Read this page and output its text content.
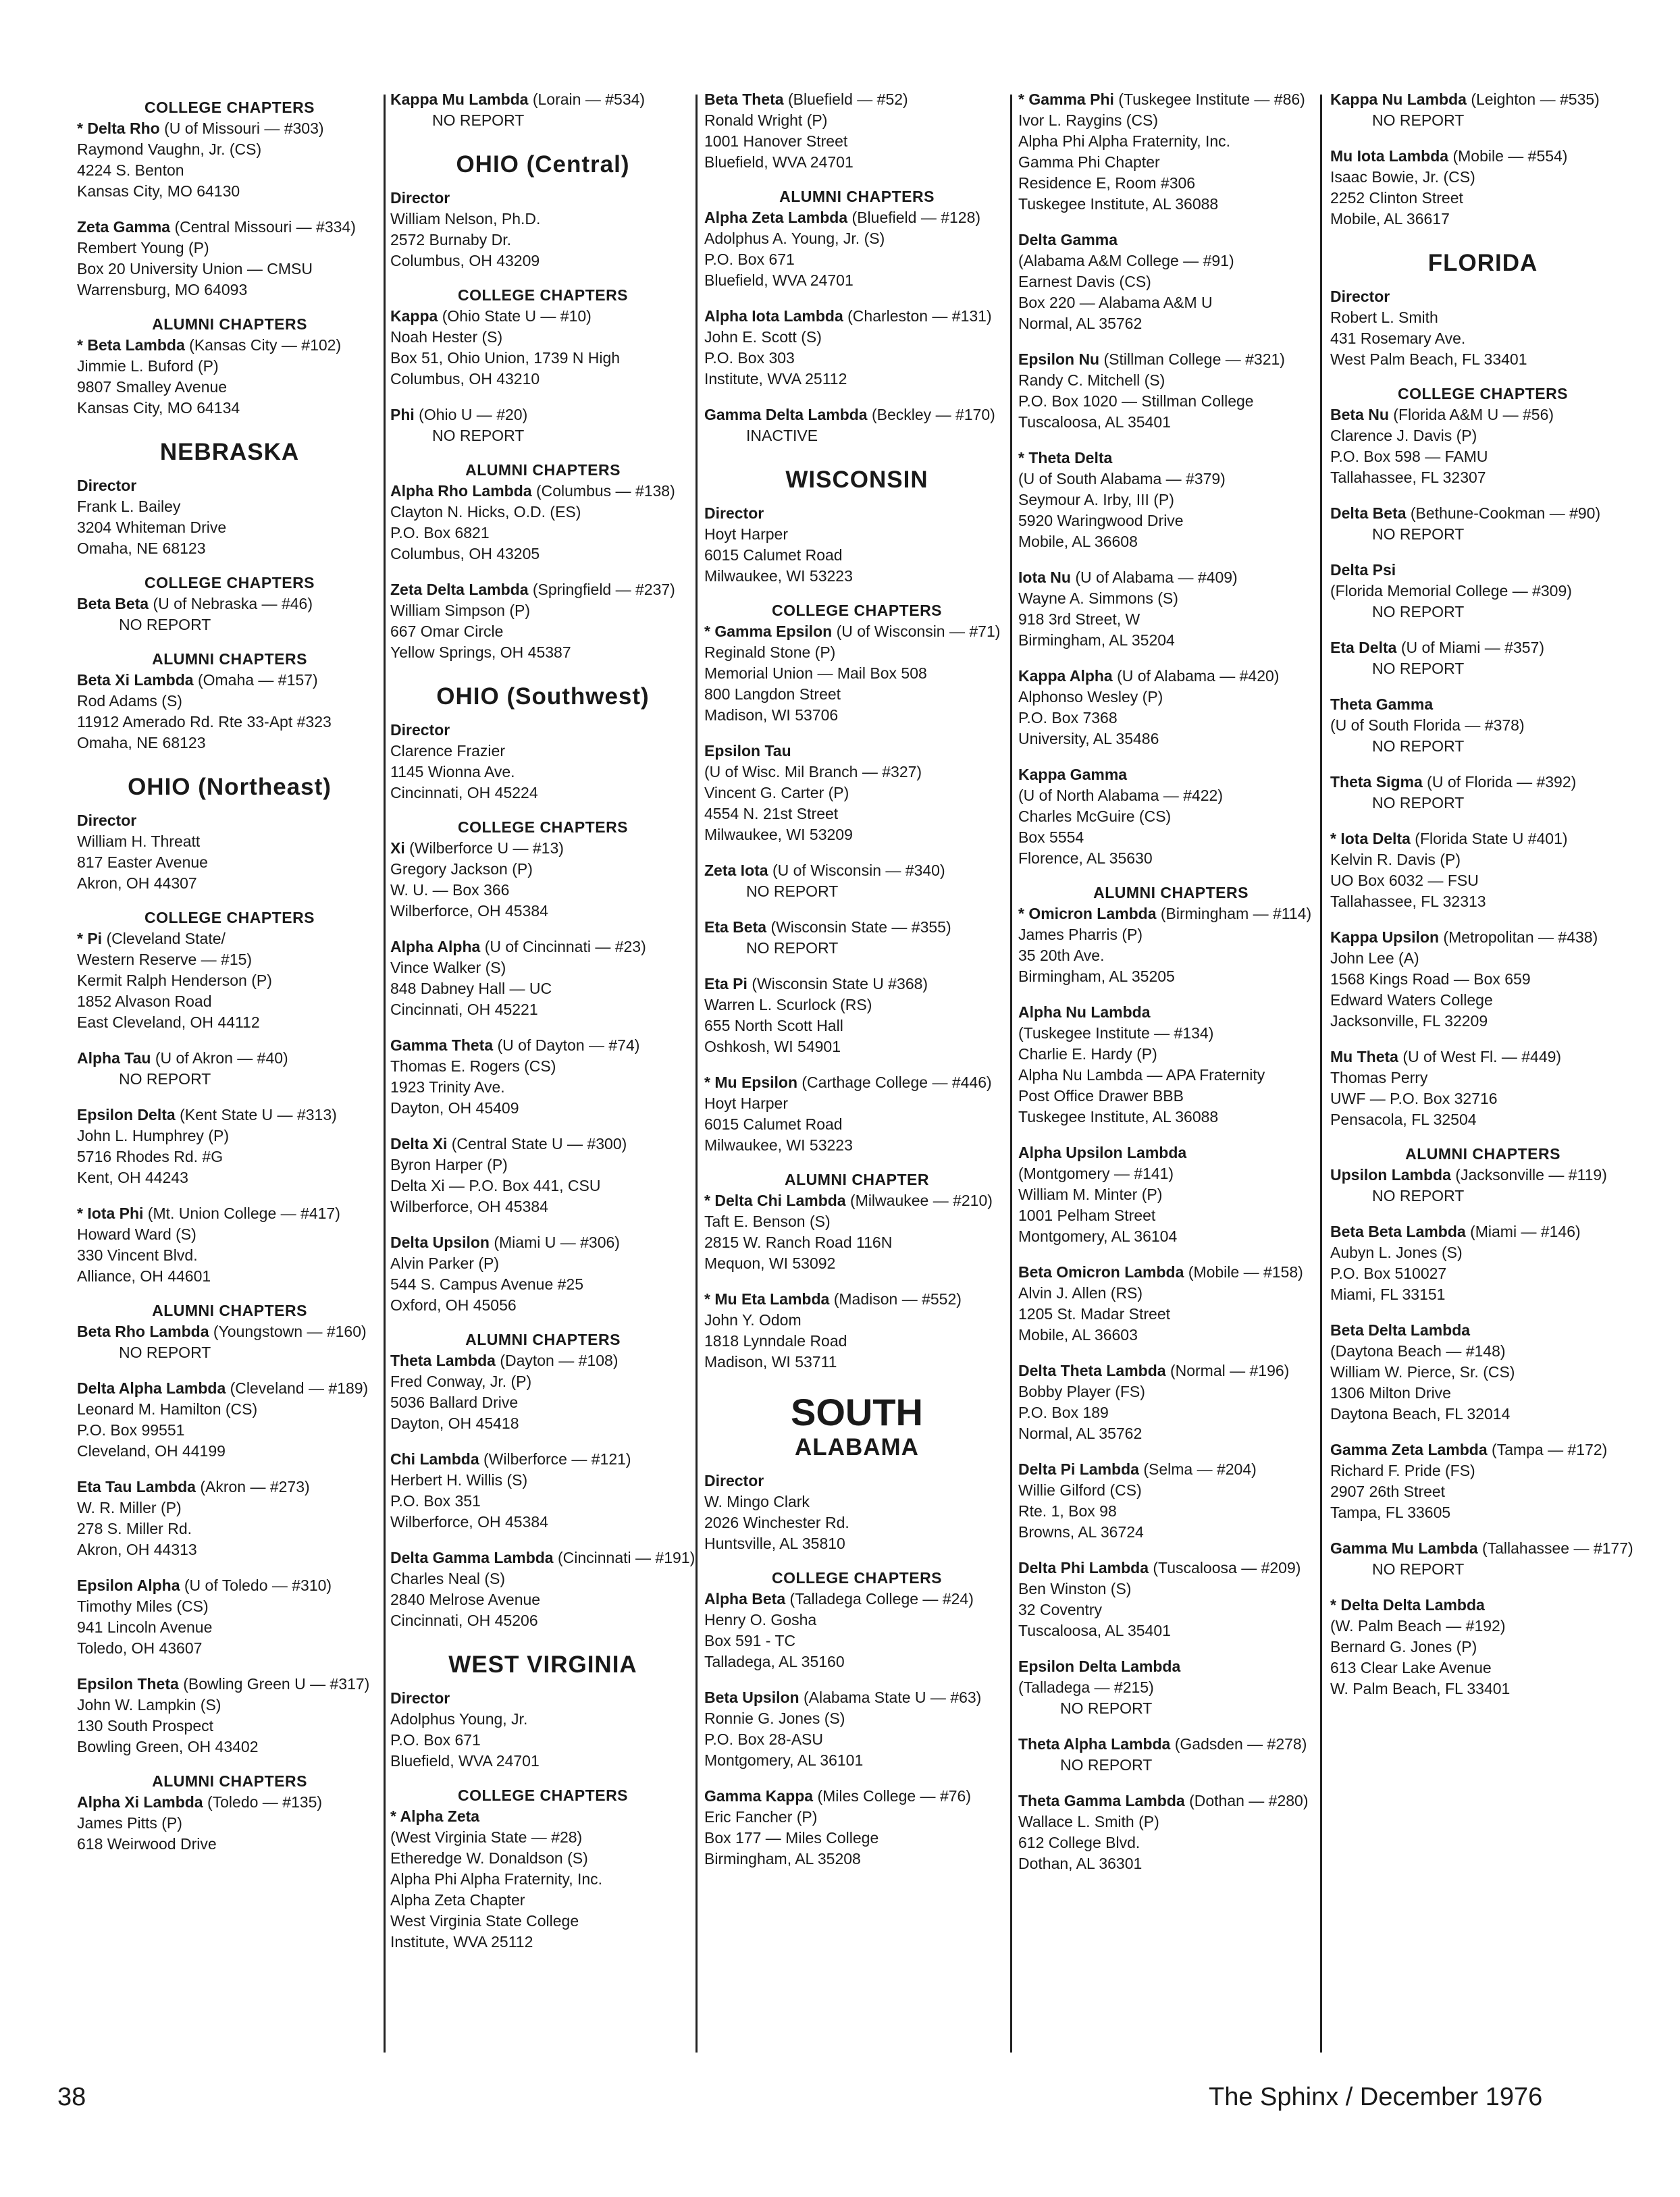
COLLEGE CHAPTERS
* Delta Rho (U of Missouri — #303)
Raymond Vaughn, Jr. (CS)
4224 S. Benton
Kansas City, MO 64130
Zeta Gamma (Central Missouri — #334)
Rembert Young (P)
Box 20 University Union — CMSU
Warrensburg, MO 64093
ALUMNI CHAPTERS
* Beta Lambda (Kansas City — #102)
Jimmie L. Buford (P)
9807 Smalley Avenue
Kansas City, MO 64134
NEBRASKA
Director
Frank L. Bailey
3204 Whiteman Drive
Omaha, NE 68123
COLLEGE CHAPTERS
Beta Beta (U of Nebraska — #46)
NO REPORT
ALUMNI CHAPTERS
Beta Xi Lambda (Omaha — #157)
Rod Adams (S)
11912 Amerado Rd. Rte 33-Apt #323
Omaha, NE 68123
OHIO (Northeast)
Director
William H. Threatt
817 Easter Avenue
Akron, OH 44307
COLLEGE CHAPTERS
* Pi (Cleveland State/
Western Reserve — #15)
Kermit Ralph Henderson (P)
1852 Alvason Road
East Cleveland, OH 44112
Alpha Tau (U of Akron — #40)
NO REPORT
Epsilon Delta (Kent State U — #313)
John L. Humphrey (P)
5716 Rhodes Rd. #G
Kent, OH 44243
* Iota Phi (Mt. Union College — #417)
Howard Ward (S)
330 Vincent Blvd.
Alliance, OH 44601
ALUMNI CHAPTERS
Beta Rho Lambda (Youngstown — #160)
NO REPORT
Delta Alpha Lambda (Cleveland — #189)
Leonard M. Hamilton (CS)
P.O. Box 99551
Cleveland, OH 44199
Eta Tau Lambda (Akron — #273)
W. R. Miller (P)
278 S. Miller Rd.
Akron, OH 44313
Epsilon Alpha (U of Toledo — #310)
Timothy Miles (CS)
941 Lincoln Avenue
Toledo, OH 43607
Epsilon Theta (Bowling Green U — #317)
John W. Lampkin (S)
130 South Prospect
Bowling Green, OH 43402
ALUMNI CHAPTERS
Alpha Xi Lambda (Toledo — #135)
James Pitts (P)
618 Weirwood Drive
Kappa Mu Lambda (Lorain — #534)
NO REPORT
OHIO (Central)
Director
William Nelson, Ph.D.
2572 Burnaby Dr.
Columbus, OH 43209
COLLEGE CHAPTERS
Kappa (Ohio State U — #10)
Noah Hester (S)
Box 51, Ohio Union, 1739 N High
Columbus, OH 43210
Phi (Ohio U — #20)
NO REPORT
ALUMNI CHAPTERS
Alpha Rho Lambda (Columbus — #138)
Clayton N. Hicks, O.D. (ES)
P.O. Box 6821
Columbus, OH 43205
Zeta Delta Lambda (Springfield — #237)
William Simpson (P)
667 Omar Circle
Yellow Springs, OH 45387
OHIO (Southwest)
Director
Clarence Frazier
1145 Wionna Ave.
Cincinnati, OH 45224
COLLEGE CHAPTERS
Xi (Wilberforce U — #13)
Gregory Jackson (P)
W. U. — Box 366
Wilberforce, OH 45384
Alpha Alpha (U of Cincinnati — #23)
Vince Walker (S)
848 Dabney Hall — UC
Cincinnati, OH 45221
Gamma Theta (U of Dayton — #74)
Thomas E. Rogers (CS)
1923 Trinity Ave.
Dayton, OH 45409
Delta Xi (Central State U — #300)
Byron Harper (P)
Delta Xi — P.O. Box 441, CSU
Wilberforce, OH 45384
Delta Upsilon (Miami U — #306)
Alvin Parker (P)
544 S. Campus Avenue #25
Oxford, OH 45056
ALUMNI CHAPTERS
Theta Lambda (Dayton — #108)
Fred Conway, Jr. (P)
5036 Ballard Drive
Dayton, OH 45418
Chi Lambda (Wilberforce — #121)
Herbert H. Willis (S)
P.O. Box 351
Wilberforce, OH 45384
Delta Gamma Lambda (Cincinnati — #191)
Charles Neal (S)
2840 Melrose Avenue
Cincinnati, OH 45206
WEST VIRGINIA
Director
Adolphus Young, Jr.
P.O. Box 671
Bluefield, WVA 24701
COLLEGE CHAPTERS
* Alpha Zeta
(West Virginia State — #28)
Etheredge W. Donaldson (S)
Alpha Phi Alpha Fraternity, Inc.
Alpha Zeta Chapter
West Virginia State College
Institute, WVA 25112
Beta Theta (Bluefield — #52)
Ronald Wright (P)
1001 Hanover Street
Bluefield, WVA 24701
ALUMNI CHAPTERS
Alpha Zeta Lambda (Bluefield — #128)
Adolphus A. Young, Jr. (S)
P.O. Box 671
Bluefield, WVA 24701
Alpha Iota Lambda (Charleston — #131)
John E. Scott (S)
P.O. Box 303
Institute, WVA 25112
Gamma Delta Lambda (Beckley — #170)
INACTIVE
WISCONSIN
Director
Hoyt Harper
6015 Calumet Road
Milwaukee, WI 53223
COLLEGE CHAPTERS
* Gamma Epsilon (U of Wisconsin — #71)
Reginald Stone (P)
Memorial Union — Mail Box 508
800 Langdon Street
Madison, WI 53706
Epsilon Tau
(U of Wisc. Mil Branch — #327)
Vincent G. Carter (P)
4554 N. 21st Street
Milwaukee, WI 53209
Zeta Iota (U of Wisconsin — #340)
NO REPORT
Eta Beta (Wisconsin State — #355)
NO REPORT
Eta Pi (Wisconsin State U #368)
Warren L. Scurlock (RS)
655 North Scott Hall
Oshkosh, WI 54901
* Mu Epsilon (Carthage College — #446)
Hoyt Harper
6015 Calumet Road
Milwaukee, WI 53223
ALUMNI CHAPTER
* Delta Chi Lambda (Milwaukee — #210)
Taft E. Benson (S)
2815 W. Ranch Road 116N
Mequon, WI 53092
* Mu Eta Lambda (Madison — #552)
John Y. Odom
1818 Lynndale Road
Madison, WI 53711
SOUTH
ALABAMA
Director
W. Mingo Clark
2026 Winchester Rd.
Huntsville, AL 35810
COLLEGE CHAPTERS
Alpha Beta (Talladega College — #24)
Henry O. Gosha
Box 591 - TC
Talladega, AL 35160
Beta Upsilon (Alabama State U — #63)
Ronnie G. Jones (S)
P.O. Box 28-ASU
Montgomery, AL 36101
Gamma Kappa (Miles College — #76)
Eric Fancher (P)
Box 177 — Miles College
Birmingham, AL 35208
* Gamma Phi (Tuskegee Institute — #86)
Ivor L. Raygins (CS)
Alpha Phi Alpha Fraternity, Inc.
Gamma Phi Chapter
Residence E, Room #306
Tuskegee Institute, AL 36088
Delta Gamma
(Alabama A&M College — #91)
Earnest Davis (CS)
Box 220 — Alabama A&M U
Normal, AL 35762
Epsilon Nu (Stillman College — #321)
Randy C. Mitchell (S)
P.O. Box 1020 — Stillman College
Tuscaloosa, AL 35401
* Theta Delta
(U of South Alabama — #379)
Seymour A. Irby, III (P)
5920 Waringwood Drive
Mobile, AL 36608
Iota Nu (U of Alabama — #409)
Wayne A. Simmons (S)
918 3rd Street, W
Birmingham, AL 35204
Kappa Alpha (U of Alabama — #420)
Alphonso Wesley (P)
P.O. Box 7368
University, AL 35486
Kappa Gamma
(U of North Alabama — #422)
Charles McGuire (CS)
Box 5554
Florence, AL 35630
ALUMNI CHAPTERS
* Omicron Lambda (Birmingham — #114)
James Pharris (P)
35 20th Ave.
Birmingham, AL 35205
Alpha Nu Lambda
(Tuskegee Institute — #134)
Charlie E. Hardy (P)
Alpha Nu Lambda — APA Fraternity
Post Office Drawer BBB
Tuskegee Institute, AL 36088
Alpha Upsilon Lambda
(Montgomery — #141)
William M. Minter (P)
1001 Pelham Street
Montgomery, AL 36104
Beta Omicron Lambda (Mobile — #158)
Alvin J. Allen (RS)
1205 St. Madar Street
Mobile, AL 36603
Delta Theta Lambda (Normal — #196)
Bobby Player (FS)
P.O. Box 189
Normal, AL 35762
Delta Pi Lambda (Selma — #204)
Willie Gilford (CS)
Rte. 1, Box 98
Browns, AL 36724
Delta Phi Lambda (Tuscaloosa — #209)
Ben Winston (S)
32 Coventry
Tuscaloosa, AL 35401
Epsilon Delta Lambda
(Talladega — #215)
NO REPORT
Theta Alpha Lambda (Gadsden — #278)
NO REPORT
Theta Gamma Lambda (Dothan — #280)
Wallace L. Smith (P)
612 College Blvd.
Dothan, AL 36301
Kappa Nu Lambda (Leighton — #535)
NO REPORT
Mu Iota Lambda (Mobile — #554)
Isaac Bowie, Jr. (CS)
2252 Clinton Street
Mobile, AL 36617
FLORIDA
Director
Robert L. Smith
431 Rosemary Ave.
West Palm Beach, FL 33401
COLLEGE CHAPTERS
Beta Nu (Florida A&M U — #56)
Clarence J. Davis (P)
P.O. Box 598 — FAMU
Tallahassee, FL 32307
Delta Beta (Bethune-Cookman — #90)
NO REPORT
Delta Psi
(Florida Memorial College — #309)
NO REPORT
Eta Delta (U of Miami — #357)
NO REPORT
Theta Gamma
(U of South Florida — #378)
NO REPORT
Theta Sigma (U of Florida — #392)
NO REPORT
* Iota Delta (Florida State U #401)
Kelvin R. Davis (P)
UO Box 6032 — FSU
Tallahassee, FL 32313
Kappa Upsilon (Metropolitan — #438)
John Lee (A)
1568 Kings Road — Box 659
Edward Waters College
Jacksonville, FL 32209
Mu Theta (U of West Fl. — #449)
Thomas Perry
UWF — P.O. Box 32716
Pensacola, FL 32504
ALUMNI CHAPTERS
Upsilon Lambda (Jacksonville — #119)
NO REPORT
Beta Beta Lambda (Miami — #146)
Aubyn L. Jones (S)
P.O. Box 510027
Miami, FL 33151
Beta Delta Lambda
(Daytona Beach — #148)
William W. Pierce, Sr. (CS)
1306 Milton Drive
Daytona Beach, FL 32014
Gamma Zeta Lambda (Tampa — #172)
Richard F. Pride (FS)
2907 26th Street
Tampa, FL 33605
Gamma Mu Lambda (Tallahassee — #177)
NO REPORT
* Delta Delta Lambda
(W. Palm Beach — #192)
Bernard G. Jones (P)
613 Clear Lake Avenue
W. Palm Beach, FL 33401
38	The Sphinx / December 1976
